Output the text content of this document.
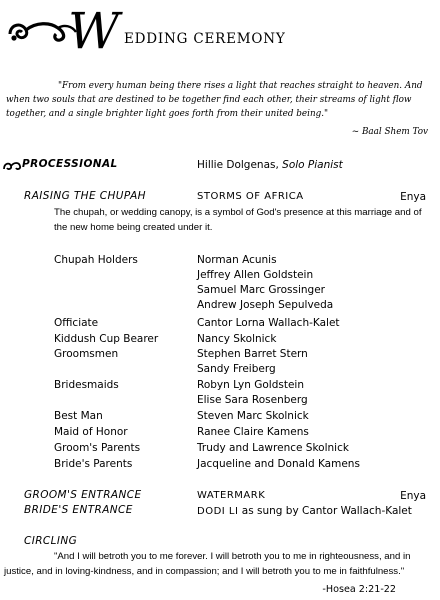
W EDDING CEREMONY

"From every human being there rises a light that reaches straight to heaven. And
when two souls that are destined to be together find each other, their streams of light flow together, and a single brighter light goes forth from their united being."

~ Baal Shem Tov
PROCESSIONAL	Hillie Dolgenas, Solo Pianist
RAISING THE CHUPAH	STORMS OF AFRICA	Enya
The chupah, or wedding canopy, is a symbol of God's presence at this marriage and of the new home being created under it.
Chupah Holders	Norman Acunis
Jeffrey Allen Goldstein
Samuel Marc Grossinger
Andrew Joseph Sepulveda
Officiate	Cantor Lorna Wallach-Kalet
Kiddush Cup Bearer	Nancy Skolnick
Groomsmen	Stephen Barret Stern
Sandy Freiberg
Bridesmaids	Robyn Lyn Goldstein
Elise Sara Rosenberg
Best Man	Steven Marc Skolnick
Maid of Honor	Ranee Claire Kamens
Groom's Parents	Trudy and Lawrence Skolnick
Bride's Parents	Jacqueline and Donald Kamens
GROOM'S ENTRANCE	WATERMARK	Enya
BRIDE'S ENTRANCE	DODI LI as sung by Cantor Wallach-Kalet
CIRCLING
"And I will betroth you to me forever. I will betroth you to me in righteousness, and in justice, and in loving-kindness, and in compassion; and I will betroth you to me in faithfulness."
-Hosea 2:21-22
